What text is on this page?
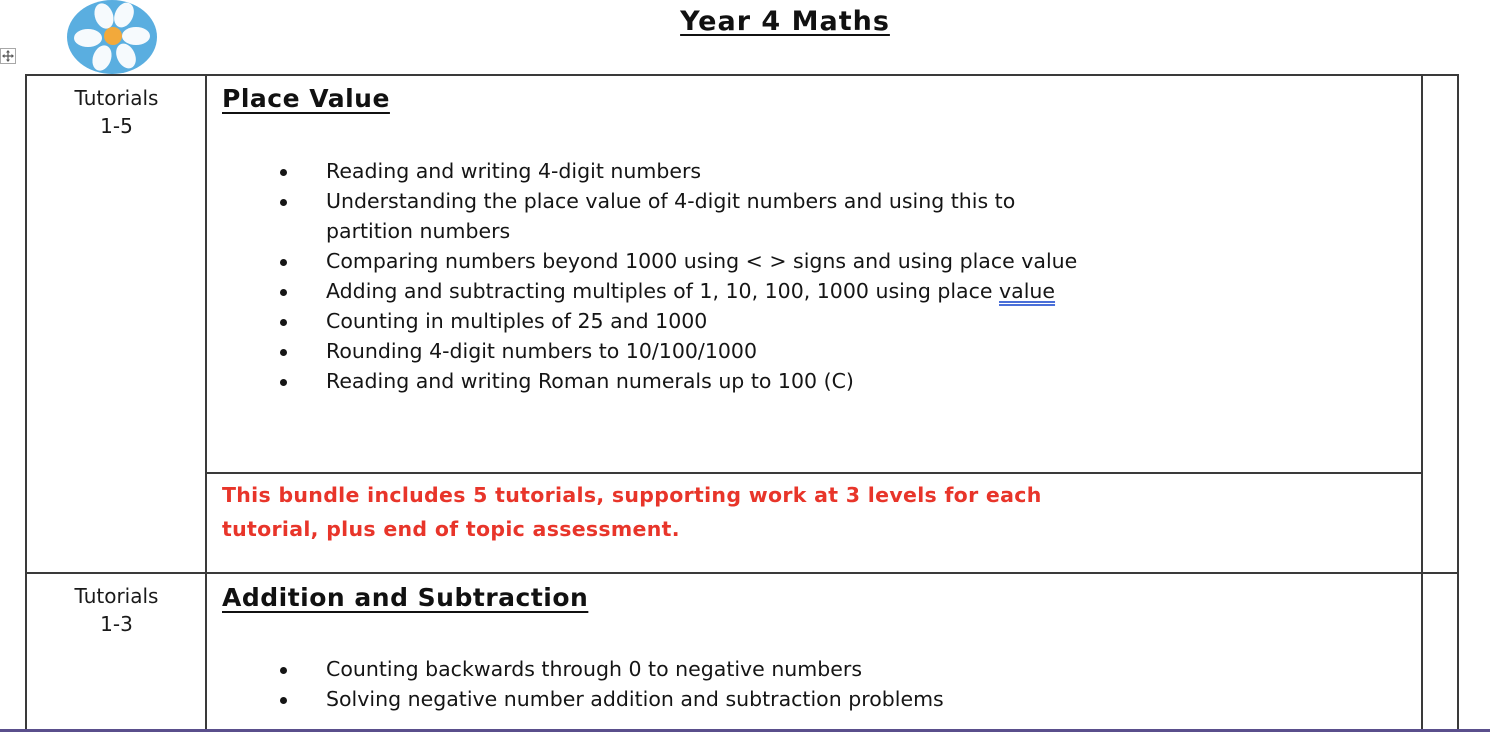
Year 4 Maths
Tutorials
1-5
Place Value
Reading and writing 4-digit numbers
Understanding the place value of 4-digit numbers and using this to
partition numbers
Comparing numbers beyond 1000 using < > signs and using place value
Adding and subtracting multiples of 1, 10, 100, 1000 using place value
Counting in multiples of 25 and 1000
Rounding 4-digit numbers to 10/100/1000
Reading and writing Roman numerals up to 100 (C)
This bundle includes 5 tutorials, supporting work at 3 levels for each
tutorial, plus end of topic assessment.
Tutorials
1-3
Addition and Subtraction
Counting backwards through 0 to negative numbers
Solving negative number addition and subtraction problems
